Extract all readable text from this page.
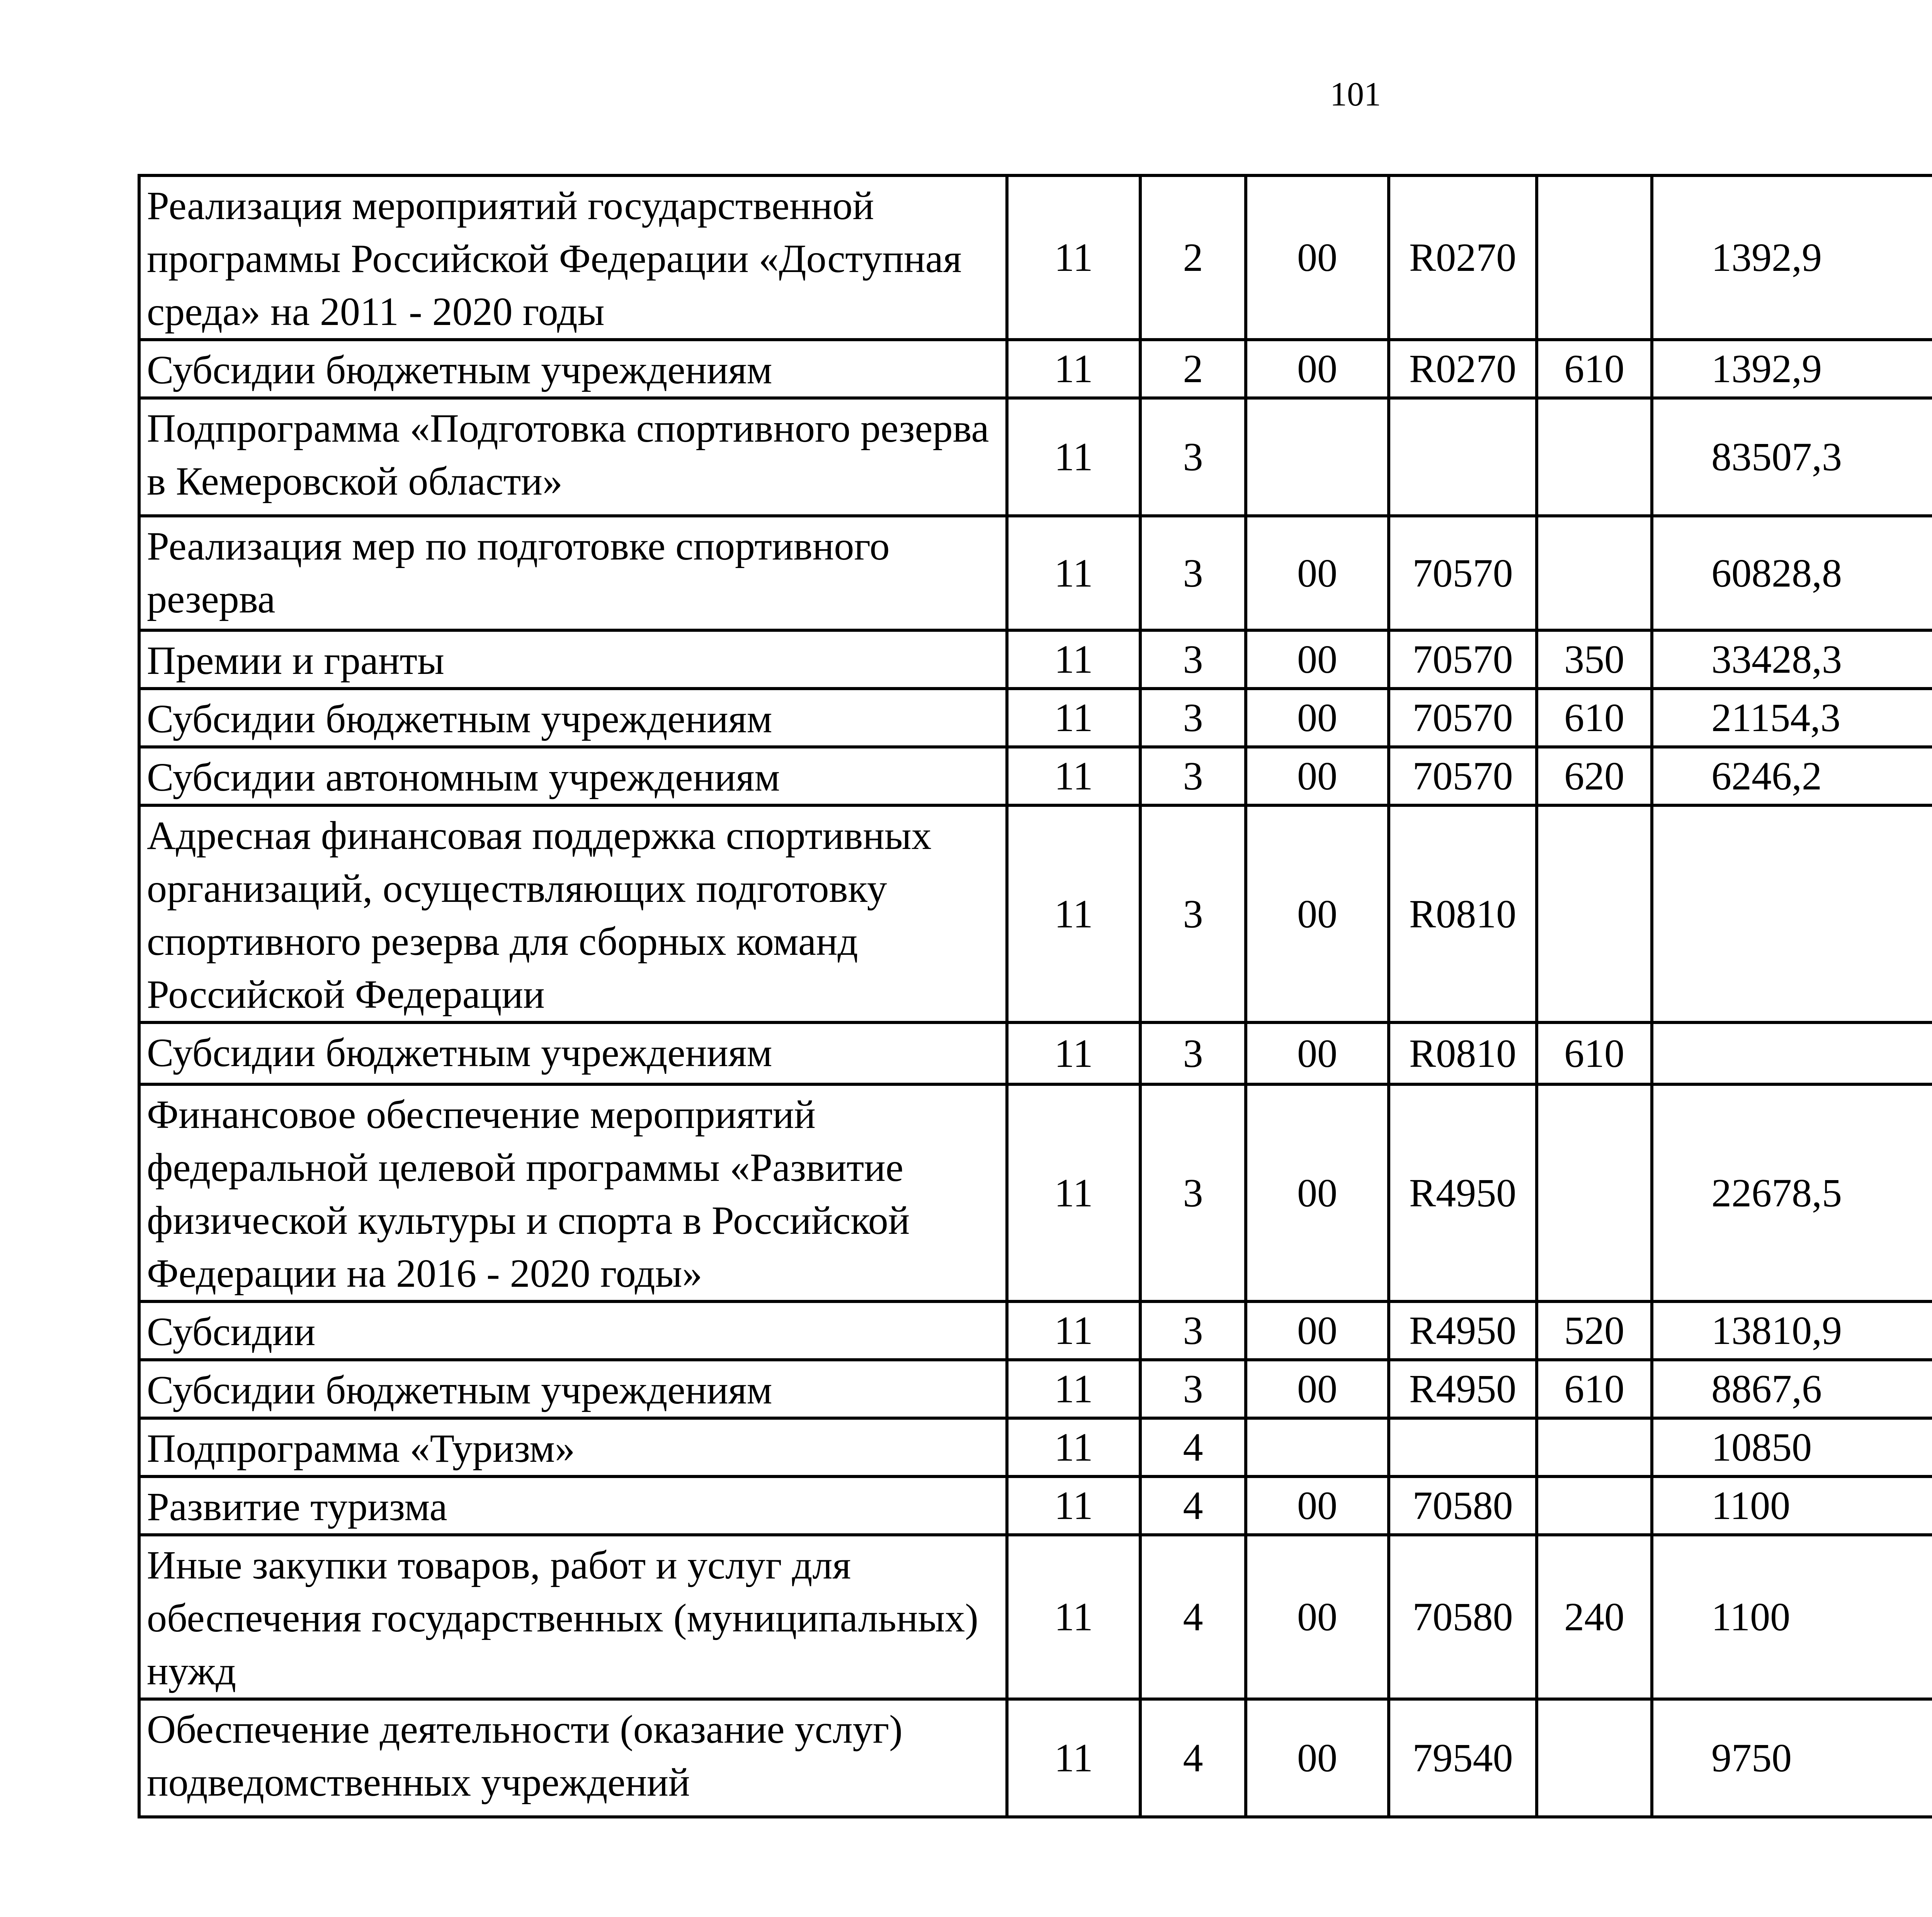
101
Реализация мероприятий государственной программы Российской Федерации «Доступная среда» на 2011 - 2020 годы	11	2	00	R0270		1392,9		
Субсидии бюджетным учреждениям	11	2	00	R0270	610	1392,9		
Подпрограмма «Подготовка спортивного резерва в Кемеровской области»	11	3				83507,3		
Реализация мер по подготовке спортивного резерва	11	3	00	70570		60828,8		
Премии и гранты	11	3	00	70570	350	33428,3		
Субсидии бюджетным учреждениям	11	3	00	70570	610	21154,3		
Субсидии автономным учреждениям	11	3	00	70570	620	6246,2		
Адресная финансовая поддержка спортивных организаций, осуществляющих подготовку спортивного резерва для сборных команд Российской Федерации	11	3	00	R0810				
Субсидии бюджетным учреждениям	11	3	00	R0810	610			
Финансовое обеспечение мероприятий федеральной целевой программы «Развитие физической культуры и спорта в Российской Федерации на 2016 - 2020 годы»	11	3	00	R4950		22678,5		
Субсидии	11	3	00	R4950	520	13810,9		
Субсидии бюджетным учреждениям	11	3	00	R4950	610	8867,6		
Подпрограмма «Туризм»	11	4				10850		
Развитие туризма	11	4	00	70580		1100		
Иные закупки товаров, работ и услуг для обеспечения государственных (муниципальных) нужд	11	4	00	70580	240	1100		
Обеспечение деятельности (оказание услуг) подведомственных учреждений	11	4	00	79540		9750		
